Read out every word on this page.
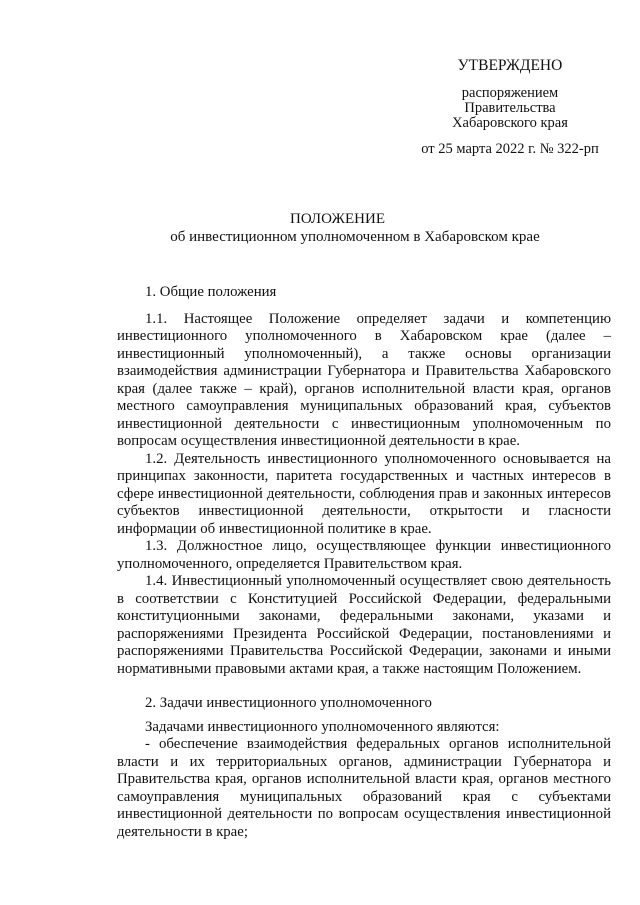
УТВЕРЖДЕНО
распоряжением
Правительства
Хабаровского края
от 25 марта 2022 г. № 322-рп
ПОЛОЖЕНИЕ
об инвестиционном уполномоченном в Хабаровском крае

1. Общие положения

1.1. Настоящее Положение определяет задачи и компетенцию инвестиционного уполномоченного в Хабаровском крае (далее – инвестиционный уполномоченный), а также основы организации взаимодействия администрации Губернатора и Правительства Хабаровского края (далее также – край), органов исполнительной власти края, органов местного самоуправления муниципальных образований края, субъектов инвестиционной деятельности с инвестиционным уполномоченным по вопросам осуществления инвестиционной деятельности в крае.

1.2. Деятельность инвестиционного уполномоченного основывается на принципах законности, паритета государственных и частных интересов в сфере инвестиционной деятельности, соблюдения прав и законных интересов субъектов инвестиционной деятельности, открытости и гласности информации об инвестиционной политике в крае.

1.3. Должностное лицо, осуществляющее функции инвестиционного уполномоченного, определяется Правительством края.

1.4. Инвестиционный уполномоченный осуществляет свою деятельность в соответствии с Конституцией Российской Федерации, федеральными конституционными законами, федеральными законами, указами и распоряжениями Президента Российской Федерации, постановлениями и распоряжениями Правительства Российской Федерации, законами и иными нормативными правовыми актами края, а также настоящим Положением.

2. Задачи инвестиционного уполномоченного

Задачами инвестиционного уполномоченного являются:

- обеспечение взаимодействия федеральных органов исполнительной власти и их территориальных органов, администрации Губернатора и Правительства края, органов исполнительной власти края, органов местного самоуправления муниципальных образований края с субъектами инвестиционной деятельности по вопросам осуществления инвестиционной деятельности в крае;
